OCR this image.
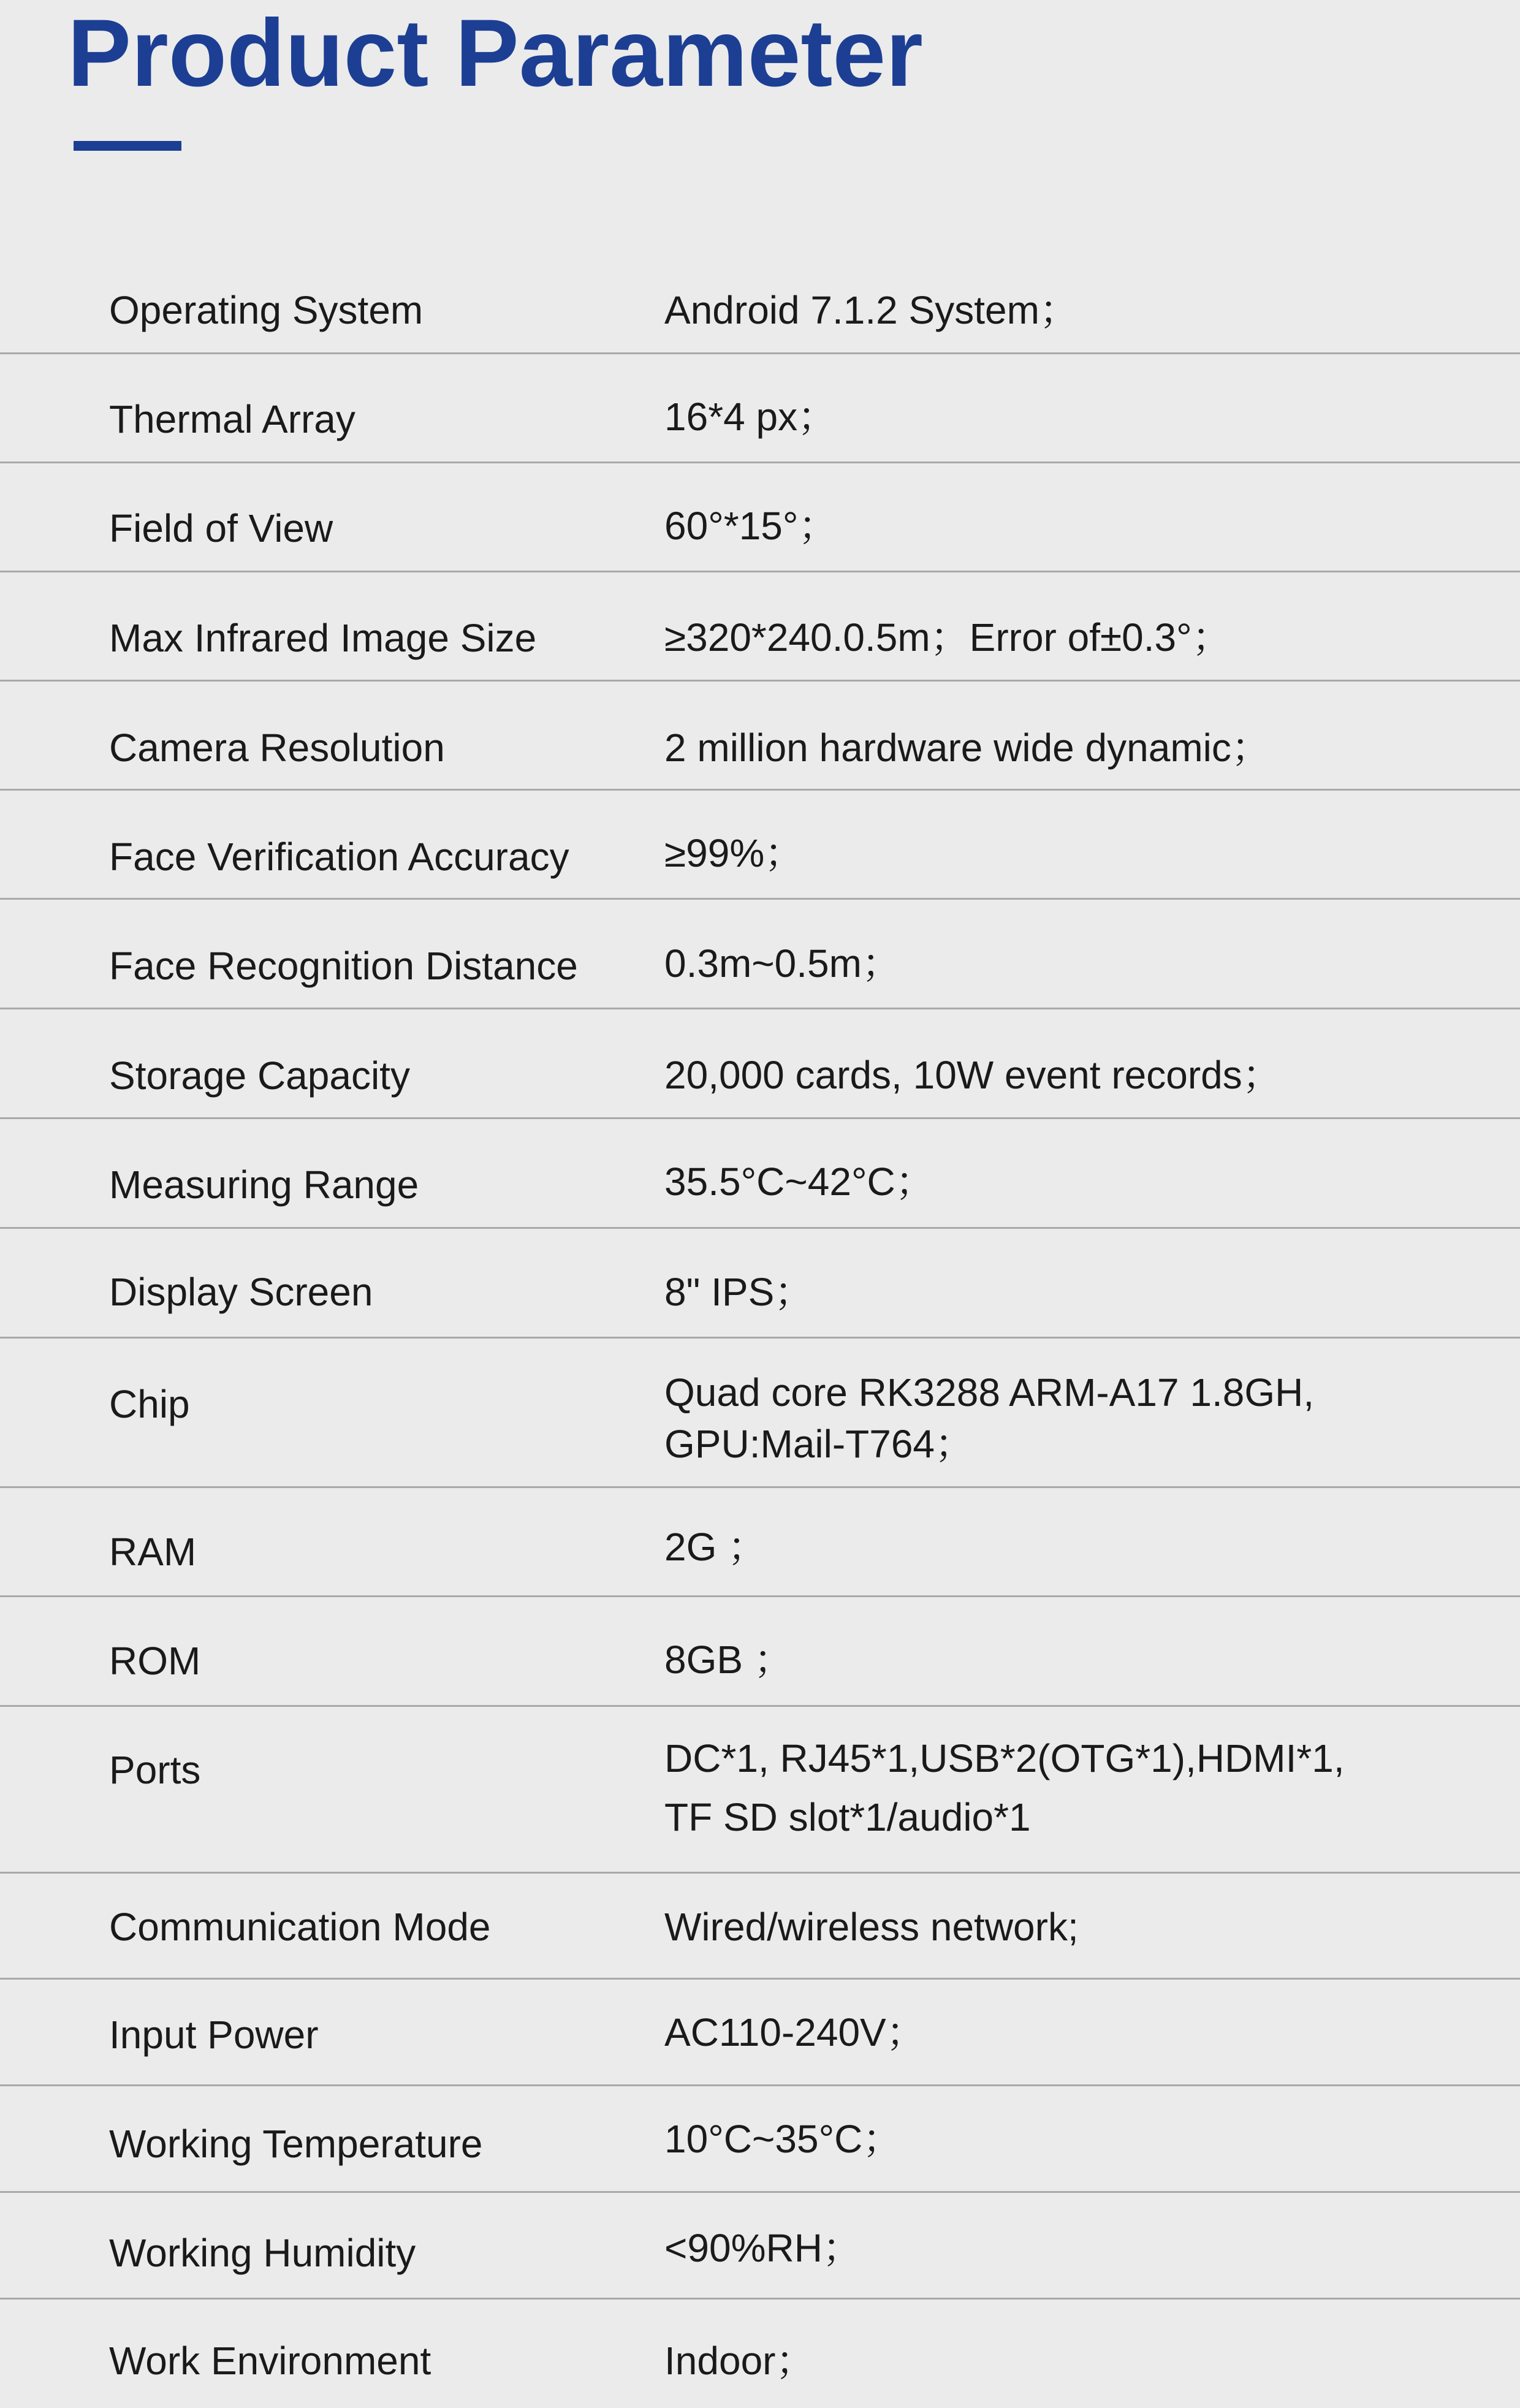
Product Parameter
Operating System	Android 7.1.2 System；
Thermal Array	16*4 px；
Field of View	60°*15°；
Max Infrared Image Size	≥320*240.0.5m；Error of±0.3°；
Camera Resolution	2 million hardware wide dynamic；
Face Verification Accuracy ≥99%；
Face Recognition Distance 0.3m~0.5m；
Storage Capacity	20,000 cards, 10W event records；
Measuring Range	35.5°C~42°C；
Display Screen	8" IPS；
Chip	Quad core RK3288 ARM-A17 1.8GH,
GPU:Mail-T764；
RAM	2G ；
ROM	8GB ；
Ports	DC*1, RJ45*1,USB*2(OTG*1),HDMI*1,
TF SD slot*1/audio*1
Communication Mode	Wired/wireless network;
Input Power	AC110-240V；
Working Temperature	10°C~35°C；
Working Humidity	<90%RH；
Work Environment	Indoor；
